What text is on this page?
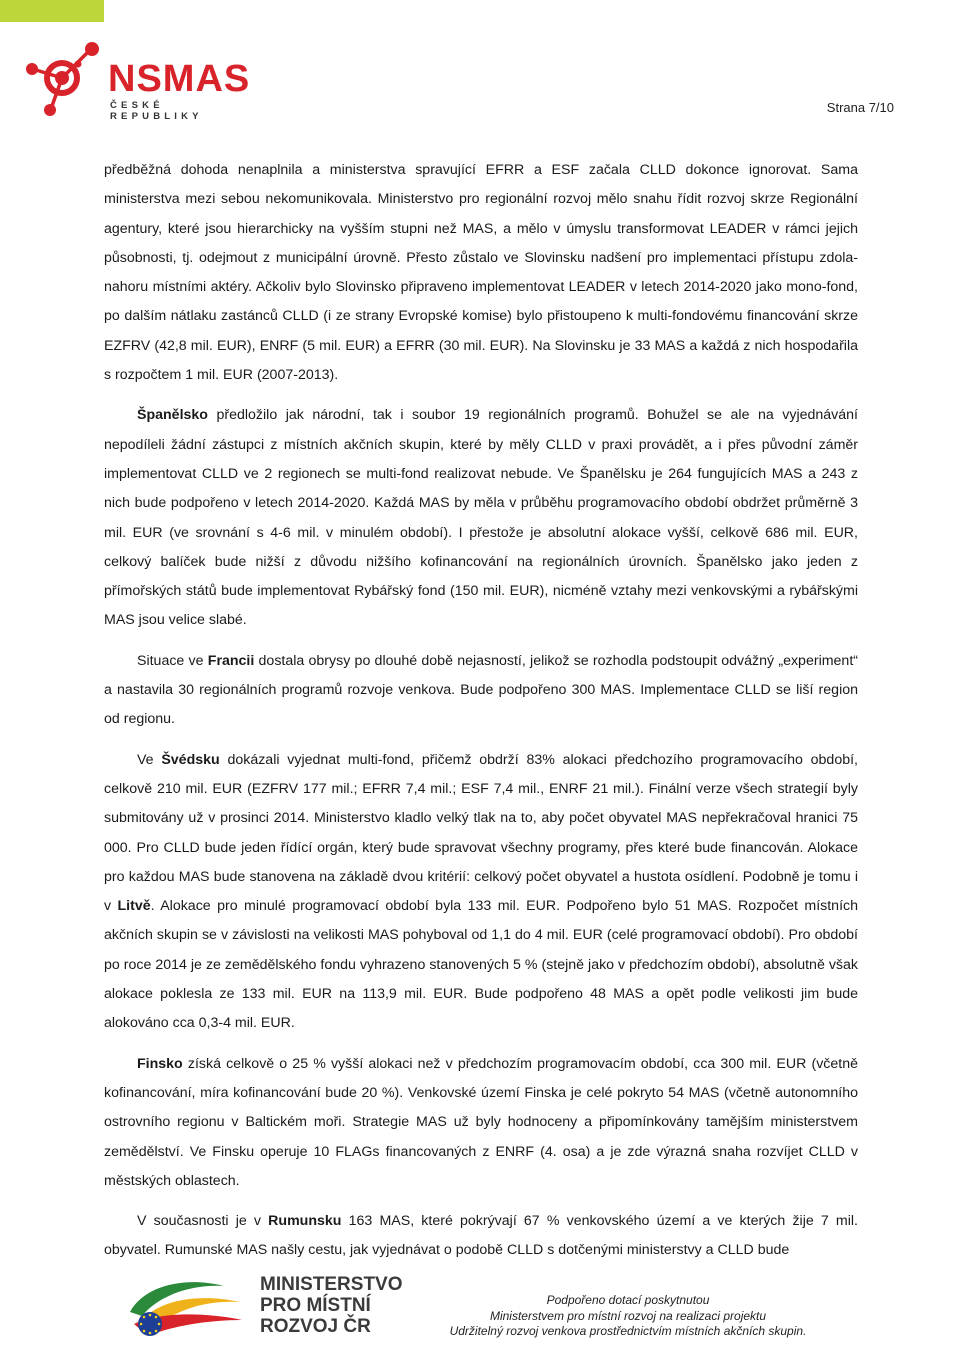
NSMAS
ČESKÉ REPUBLIKY
Strana 7/10

předběžná dohoda nenaplnila a ministerstva spravující EFRR a ESF začala CLLD dokonce ignorovat. Sama ministerstva mezi sebou nekomunikovala. Ministerstvo pro regionální rozvoj mělo snahu řídit rozvoj skrze Regionální agentury, které jsou hierarchicky na vyšším stupni než MAS, a mělo v úmyslu transformovat LEADER v rámci jejich působnosti, tj. odejmout z municipální úrovně. Přesto zůstalo ve Slovinsku nadšení pro implementaci přístupu zdola-nahoru místními aktéry. Ačkoliv bylo Slovinsko připraveno implementovat LEADER v letech 2014-2020 jako mono-fond, po dalším nátlaku zastánců CLLD (i ze strany Evropské komise) bylo přistoupeno k multi-fondovému financování skrze EZFRV (42,8 mil. EUR), ENRF (5 mil. EUR) a EFRR (30 mil. EUR). Na Slovinsku je 33 MAS a každá z nich hospodařila s rozpočtem 1 mil. EUR (2007-2013).

Španělsko předložilo jak národní, tak i soubor 19 regionálních programů. Bohužel se ale na vyjednávání nepodíleli žádní zástupci z místních akčních skupin, které by měly CLLD v praxi provádět, a i přes původní záměr implementovat CLLD ve 2 regionech se multi-fond realizovat nebude. Ve Španělsku je 264 fungujících MAS a 243 z nich bude podpořeno v letech 2014-2020. Každá MAS by měla v průběhu programovacího období obdržet průměrně 3 mil. EUR (ve srovnání s 4-6 mil. v minulém období). I přestože je absolutní alokace vyšší, celkově 686 mil. EUR, celkový balíček bude nižší z důvodu nižšího kofinancování na regionálních úrovních. Španělsko jako jeden z přímořských států bude implementovat Rybářský fond (150 mil. EUR), nicméně vztahy mezi venkovskými a rybářskými MAS jsou velice slabé.

Situace ve Francii dostala obrysy po dlouhé době nejasností, jelikož se rozhodla podstoupit odvážný „experiment“ a nastavila 30 regionálních programů rozvoje venkova. Bude podpořeno 300 MAS. Implementace CLLD se liší region od regionu.

Ve Švédsku dokázali vyjednat multi-fond, přičemž obdrží 83% alokaci předchozího programovacího období, celkově 210 mil. EUR (EZFRV 177 mil.; EFRR 7,4 mil.; ESF 7,4 mil., ENRF 21 mil.). Finální verze všech strategií byly submitovány už v prosinci 2014. Ministerstvo kladlo velký tlak na to, aby počet obyvatel MAS nepřekračoval hranici 75 000. Pro CLLD bude jeden řídící orgán, který bude spravovat všechny programy, přes které bude financován. Alokace pro každou MAS bude stanovena na základě dvou kritérií: celkový počet obyvatel a hustota osídlení. Podobně je tomu i v Litvě. Alokace pro minulé programovací období byla 133 mil. EUR. Podpořeno bylo 51 MAS. Rozpočet místních akčních skupin se v závislosti na velikosti MAS pohyboval od 1,1 do 4 mil. EUR (celé programovací období). Pro období po roce 2014 je ze zemědělského fondu vyhrazeno stanovených 5 % (stejně jako v předchozím období), absolutně však alokace poklesla ze 133 mil. EUR na 113,9 mil. EUR. Bude podpořeno 48 MAS a opět podle velikosti jim bude alokováno cca 0,3-4 mil. EUR.

Finsko získá celkově o 25 % vyšší alokaci než v předchozím programovacím období, cca 300 mil. EUR (včetně kofinancování, míra kofinancování bude 20 %). Venkovské území Finska je celé pokryto 54 MAS (včetně autonomního ostrovního regionu v Baltickém moři. Strategie MAS už byly hodnoceny a připomínkovány tamějším ministerstvem zemědělství. Ve Finsku operuje 10 FLAGs financovaných z ENRF (4. osa) a je zde výrazná snaha rozvíjet CLLD v městských oblastech.

V současnosti je v Rumunsku 163 MAS, které pokrývají 67 % venkovského území a ve kterých žije 7 mil. obyvatel. Rumunské MAS našly cestu, jak vyjednávat o podobě CLLD s dotčenými ministerstvy a CLLD bude

MINISTERSTVO
PRO MÍSTNÍ
ROZVOJ ČR
Podpořeno dotací poskytnutou
Ministerstvem pro místní rozvoj na realizaci projektu
Udržitelný rozvoj venkova prostřednictvím místních akčních skupin.
